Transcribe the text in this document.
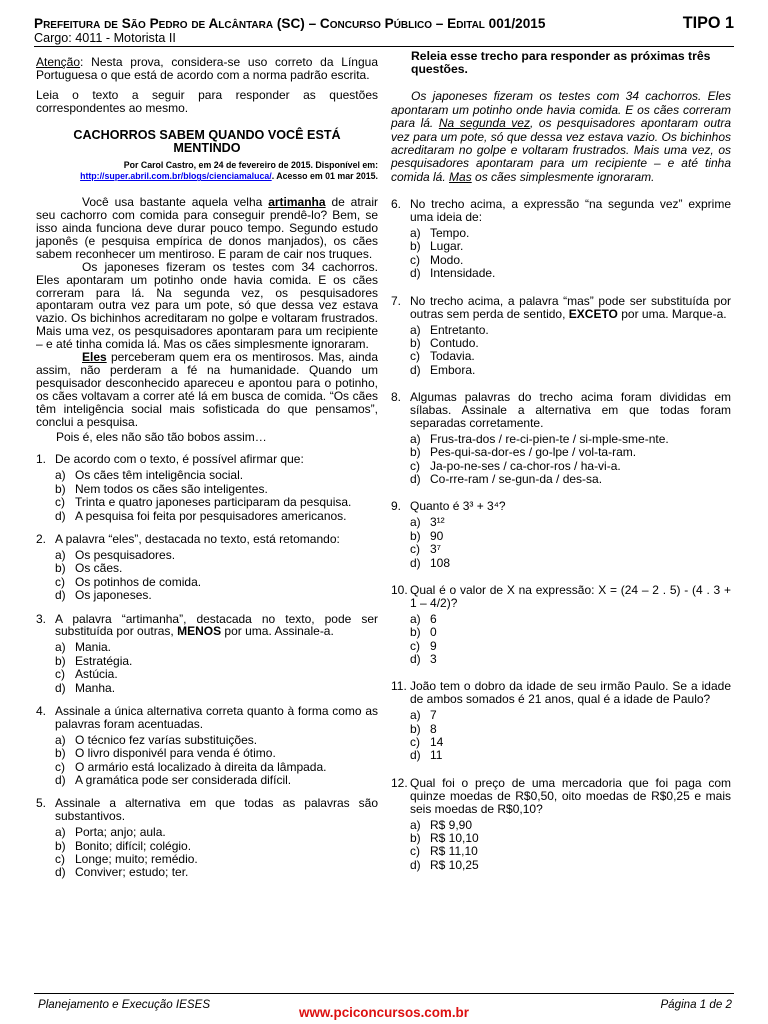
Prefeitura de São Pedro de Alcântara (SC) – Concurso Público – Edital 001/2015
Cargo: 4011 - Motorista II
TIPO 1

Atenção: Nesta prova, considera-se uso correto da Língua Portuguesa o que está de acordo com a norma padrão escrita.

Leia o texto a seguir para responder as questões correspondentes ao mesmo.

CACHORROS SABEM QUANDO VOCÊ ESTÁ MENTINDO
Por Carol Castro, em 24 de fevereiro de 2015. Disponível em: http://super.abril.com.br/blogs/cienciamaluca/. Acesso em 01 mar 2015.

Você usa bastante aquela velha artimanha de atrair seu cachorro com comida para conseguir prendê-lo? Bem, se isso ainda funciona deve durar pouco tempo. Segundo estudo japonês (e pesquisa empírica de donos manjados), os cães sabem reconhecer um mentiroso. E param de cair nos truques.

Os japoneses fizeram os testes com 34 cachorros. Eles apontaram um potinho onde havia comida. E os cães correram para lá. Na segunda vez, os pesquisadores apontaram outra vez para um pote, só que dessa vez estava vazio. Os bichinhos acreditaram no golpe e voltaram frustrados. Mais uma vez, os pesquisadores apontaram para um recipiente – e até tinha comida lá. Mas os cães simplesmente ignoraram.

Eles perceberam quem era os mentirosos. Mas, ainda assim, não perderam a fé na humanidade. Quando um pesquisador desconhecido apareceu e apontou para o potinho, os cães voltavam a correr até lá em busca de comida. “Os cães têm inteligência social mais sofisticada do que pensamos”, conclui a pesquisa.

Pois é, eles não são tão bobos assim…

1. De acordo com o texto, é possível afirmar que:
a) Os cães têm inteligência social.
b) Nem todos os cães são inteligentes.
c) Trinta e quatro japoneses participaram da pesquisa.
d) A pesquisa foi feita por pesquisadores americanos.
2. A palavra “eles”, destacada no texto, está retomando:
a) Os pesquisadores.
b) Os cães.
c) Os potinhos de comida.
d) Os japoneses.
3. A palavra “artimanha”, destacada no texto, pode ser substituída por outras, MENOS por uma. Assinale-a.
a) Mania.
b) Estratégia.
c) Astúcia.
d) Manha.
4. Assinale a única alternativa correta quanto à forma como as palavras foram acentuadas.
a) O técnico fez varías substituições.
b) O livro disponivél para venda é ótimo.
c) O armário está localizado à direita da lâmpada.
d) A gramática pode ser considerada difícil.
5. Assinale a alternativa em que todas as palavras são substantivos.
a) Porta; anjo; aula.
b) Bonito; difícil; colégio.
c) Longe; muito; remédio.
d) Conviver; estudo; ter.
Releia esse trecho para responder as próximas três questões.
Os japoneses fizeram os testes com 34 cachorros. Eles apontaram um potinho onde havia comida. E os cães correram para lá. Na segunda vez, os pesquisadores apontaram outra vez para um pote, só que dessa vez estava vazio. Os bichinhos acreditaram no golpe e voltaram frustrados. Mais uma vez, os pesquisadores apontaram para um recipiente – e até tinha comida lá. Mas os cães simplesmente ignoraram.
6. No trecho acima, a expressão “na segunda vez” exprime uma ideia de:
a) Tempo.
b) Lugar.
c) Modo.
d) Intensidade.
7. No trecho acima, a palavra “mas” pode ser substituída por outras sem perda de sentido, EXCETO por uma. Marque-a.
a) Entretanto.
b) Contudo.
c) Todavia.
d) Embora.
8. Algumas palavras do trecho acima foram divididas em sílabas. Assinale a alternativa em que todas foram separadas corretamente.
a) Frus-tra-dos / re-ci-pien-te / si-mple-sme-nte.
b) Pes-qui-sa-dor-es / go-lpe / vol-ta-ram.
c) Ja-po-ne-ses / ca-chor-ros / ha-vi-a.
d) Co-rre-ram / se-gun-da / des-sa.
9. Quanto é 3³ + 3⁴?
a) 3¹²
b) 90
c) 3⁷
d) 108
10. Qual é o valor de X na expressão: X = (24 – 2 . 5) - (4 . 3 + 1 – 4/2)?
a) 6
b) 0
c) 9
d) 3
11. João tem o dobro da idade de seu irmão Paulo. Se a idade de ambos somados é 21 anos, qual é a idade de Paulo?
a) 7
b) 8
c) 14
d) 11
12. Qual foi o preço de uma mercadoria que foi paga com quinze moedas de R$0,50, oito moedas de R$0,25 e mais seis moedas de R$0,10?
a) R$ 9,90
b) R$ 10,10
c) R$ 11,10
d) R$ 10,25
Planejamento e Execução IESES	Página 1 de 2
www.pciconcursos.com.br
